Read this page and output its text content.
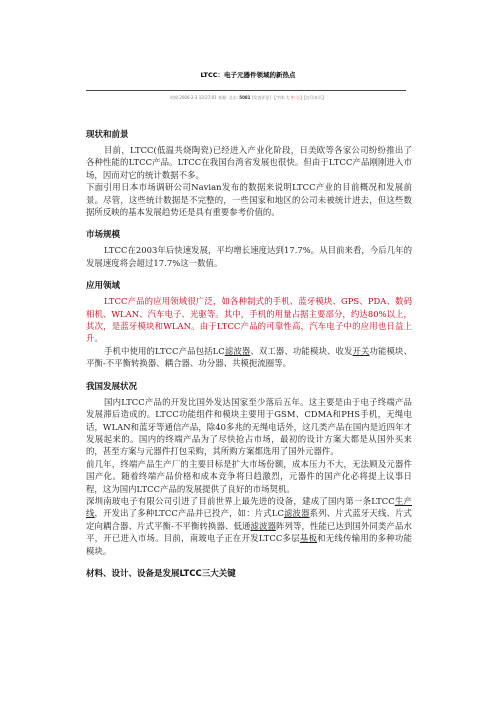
LTCC：电子元器件领域的新热点
时间:2006-2-3 13:27:01 来源: 点击: 5081 [发表评论] 【字体:大 中 小】【打印本页】
现状和前景

目前，LTCC(低温共烧陶瓷)已经进入产业化阶段，日美欧等各家公司纷纷推出了各种性能的LTCC产品。LTCC在我国台湾省发展也很快。但由于LTCC产品刚刚进入市场，因而对它的统计数据不多。

下面引用日本市场调研公司Navian发布的数据来说明LTCC产业的目前概况和发展前景。尽管，这些统计数据是不完整的，一些国家和地区的公司未被统计进去，但这些数据所反映的基本发展趋势还是具有重要参考价值的。

市场规模

LTCC在2003年后快速发展，平均增长速度达到17.7%。从目前来看，今后几年的发展速度将会超过17.7%这一数值。

应用领域

LTCC产品的应用领域很广泛，如各种制式的手机、蓝牙模块、GPS、PDA、数码相机、WLAN、汽车电子、光驱等。其中，手机的用量占据主要部分，约达80%以上，其次，是蓝牙模块和WLAN。由于LTCC产品的可靠性高，汽车电子中的应用也日益上升。

手机中使用的LTCC产品包括LC滤波器、双工器、功能模块、收发开关功能模块、平衡-不平衡转换器、耦合器、功分器、共模扼流圈等。

我国发展状况

国内LTCC产品的开发比国外发达国家至少落后五年。这主要是由于电子终端产品发展滞后造成的。LTCC功能组件和模块主要用于GSM、CDMA和PHS手机，无绳电话，WLAN和蓝牙等通信产品，除40多兆的无绳电话外，这几类产品在国内是近四年才发展起来的。国内的终端产品为了尽快抢占市场，最初的设计方案大都是从国外买来的，甚至方案与元器件打包采购，其所购方案都选用了国外元器件。

前几年，终端产品生产厂的主要目标是扩大市场份额，成本压力不大，无法顾及元器件国产化。随着终端产品价格和成本竞争将日趋激烈，元器件的国产化必将提上议事日程，这为国内LTCC产品的发展提供了良好的市场契机。

深圳南玻电子有限公司引进了目前世界上最先进的设备，建成了国内第一条LTCC生产线，开发出了多种LTCC产品并已投产，如：片式LC滤波器系列、片式蓝牙天线、片式定向耦合器、片式平衡-不平衡转换器、低通滤波器阵列等，性能已达到国外同类产品水平，开已进入市场。目前，南玻电子正在开发LTCC多层基板和无线传输用的多种功能模块。

材料、设计、设备是发展LTCC三大关键
